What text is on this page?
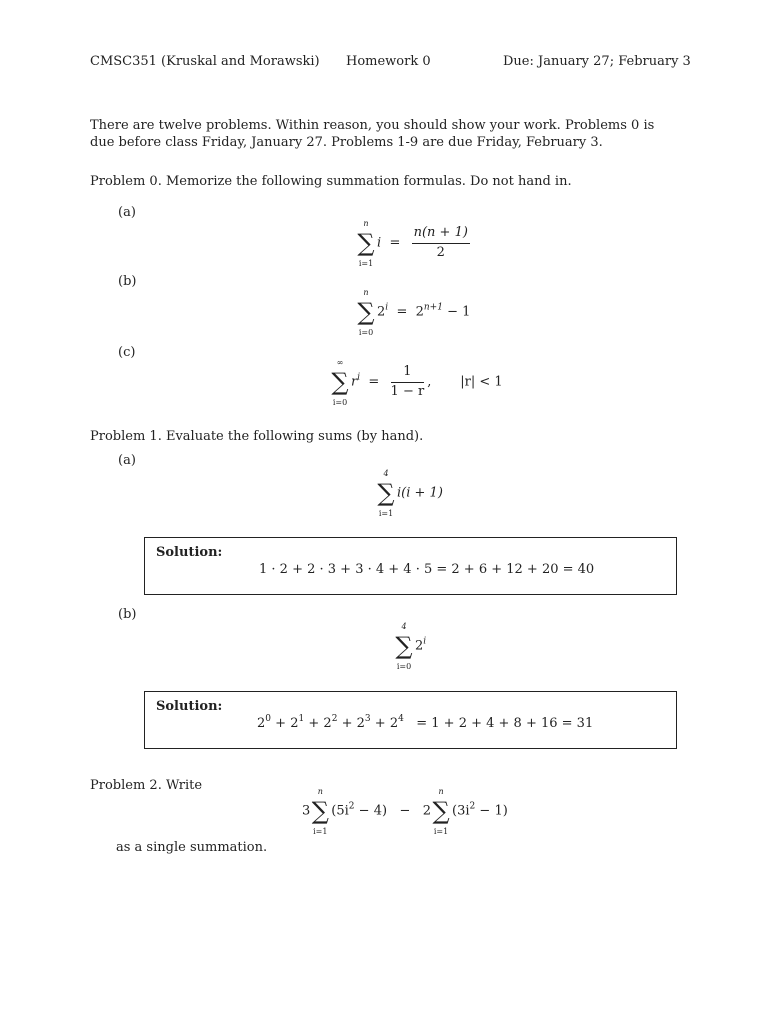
CMSC351 (Kruskal and Morawski) Homework 0	Due: January 27; February 3
There are twelve problems. Within reason, you should show your work. Problems 0 is due before class Friday, January 27. Problems 1-9 are due Friday, February 3.
Problem 0. Memorize the following summation formulas. Do not hand in.
(a)
n
∑
i=1
$i = \frac{n(n + 1)}{2}$
(b)
n
∑
i=0
$2^i = 2^{n+1} - 1$
(c)
∞
∑
i=0
$r^i = \frac{1}{1 - r}$ , |r| < 1
Problem 1. Evaluate the following sums (by hand).
(a)
4
∑
i=1
i(i + 1)
Solution:
1 · 2 + 2 · 3 + 3 · 4 + 4 · 5 = 2 + 6 + 12 + 20 = 40
(b)
4
∑
i=0
2$^i$
Solution:
$2^0 + 2^1 + 2^2 + 2^3 + 2^4 = 1 + 2 + 4 + 8 + 16 = 31$
Problem 2. Write
3
n
∑
i=1
$(5i^2 - 4) - 2$
n
∑
i=1
$(3i^2 - 1)$
as a single summation.
